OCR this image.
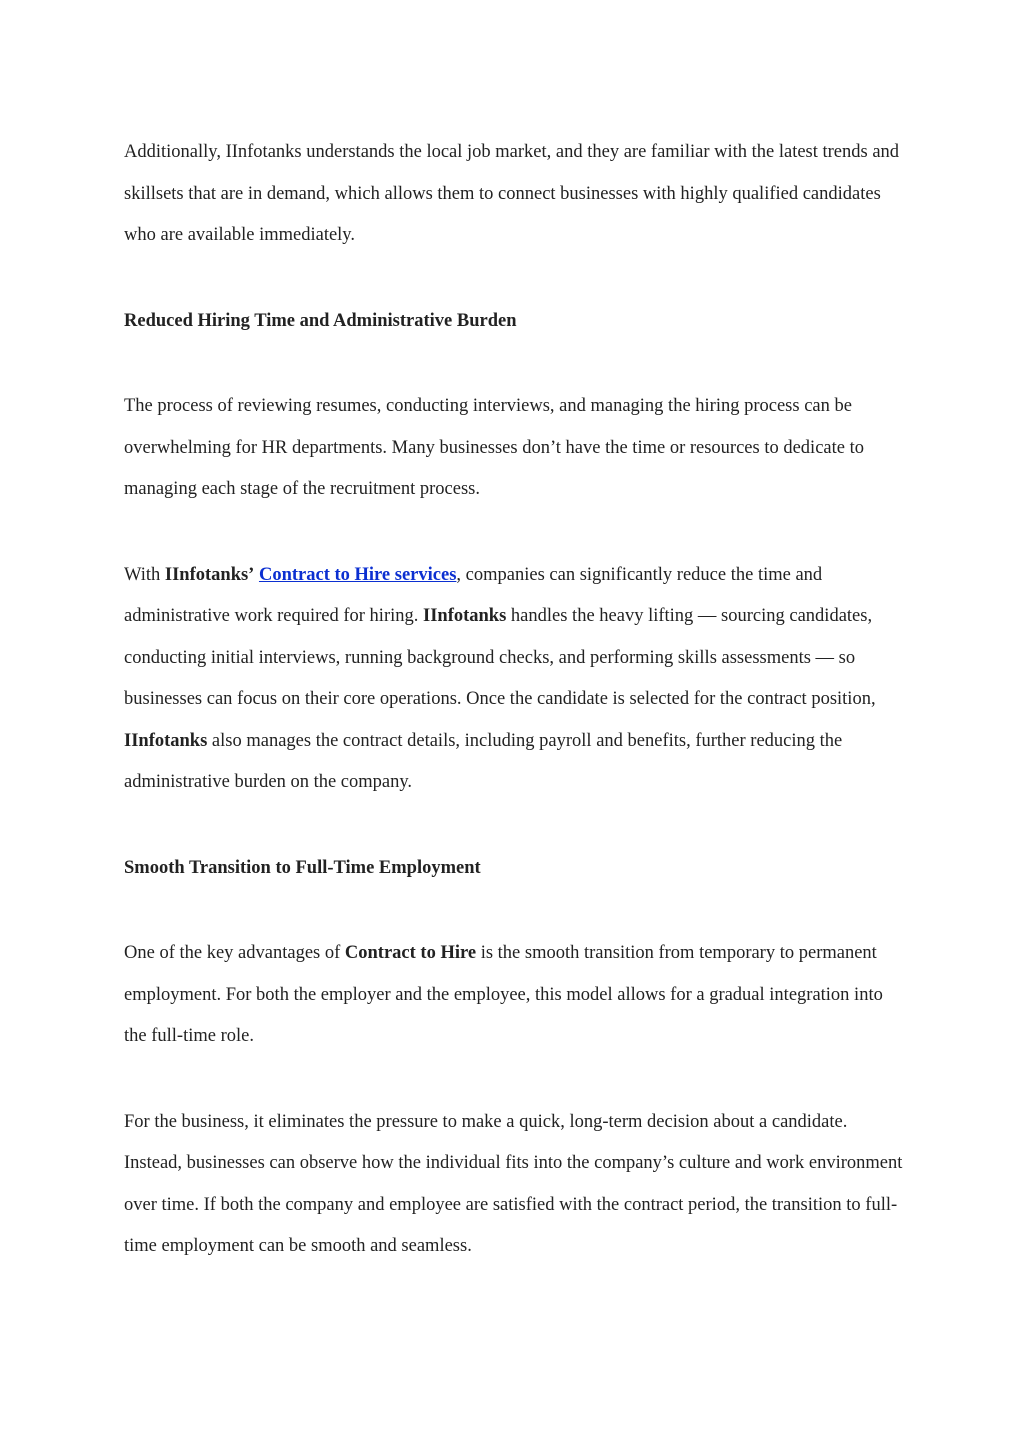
Additionally, IInfotanks understands the local job market, and they are familiar with the latest trends and skillsets that are in demand, which allows them to connect businesses with highly qualified candidates who are available immediately.

Reduced Hiring Time and Administrative Burden

The process of reviewing resumes, conducting interviews, and managing the hiring process can be overwhelming for HR departments. Many businesses don’t have the time or resources to dedicate to managing each stage of the recruitment process.

With IInfotanks’ Contract to Hire services, companies can significantly reduce the time and administrative work required for hiring. IInfotanks handles the heavy lifting — sourcing candidates, conducting initial interviews, running background checks, and performing skills assessments — so businesses can focus on their core operations. Once the candidate is selected for the contract position, IInfotanks also manages the contract details, including payroll and benefits, further reducing the administrative burden on the company.

Smooth Transition to Full-Time Employment

One of the key advantages of Contract to Hire is the smooth transition from temporary to permanent employment. For both the employer and the employee, this model allows for a gradual integration into the full-time role.

For the business, it eliminates the pressure to make a quick, long-term decision about a candidate. Instead, businesses can observe how the individual fits into the company’s culture and work environment over time. If both the company and employee are satisfied with the contract period, the transition to full-time employment can be smooth and seamless.
